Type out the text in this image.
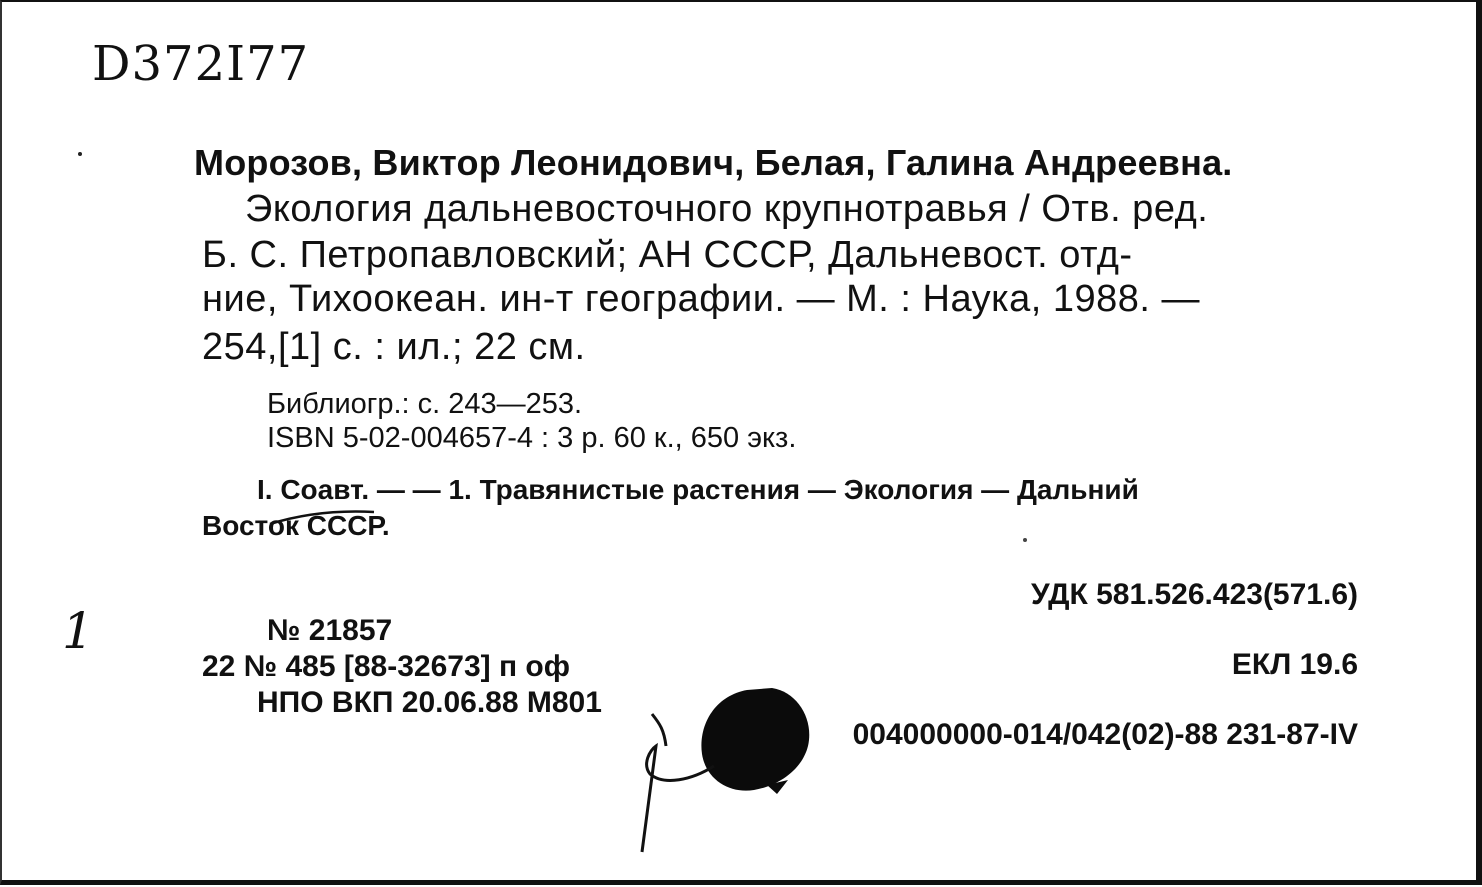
D372I77
Морозов, Виктор Леонидович, Белая, Галина Андреевна.
Экология дальневосточного крупнотравья / Отв. ред.
Б. С. Петропавловский; АН СССР, Дальневост. отд-
ние, Тихоокеан. ин-т географии. — М. : Наука, 1988. —
254,[1] с. : ил.; 22 см.
Библиогр.: с. 243—253.
ISBN 5-02-004657-4 : 3 р. 60 к., 650 экз.
I. Соавт. — — 1. Травянистые растения — Экология — Дальний
Восток СССР.
УДК 581.526.423(571.6)
ЕКЛ 19.6
004000000-014/042(02)-88 231-87-IV
№ 21857
22 № 485 [88-32673] п оф
НПО ВКП 20.06.88 М801
1
